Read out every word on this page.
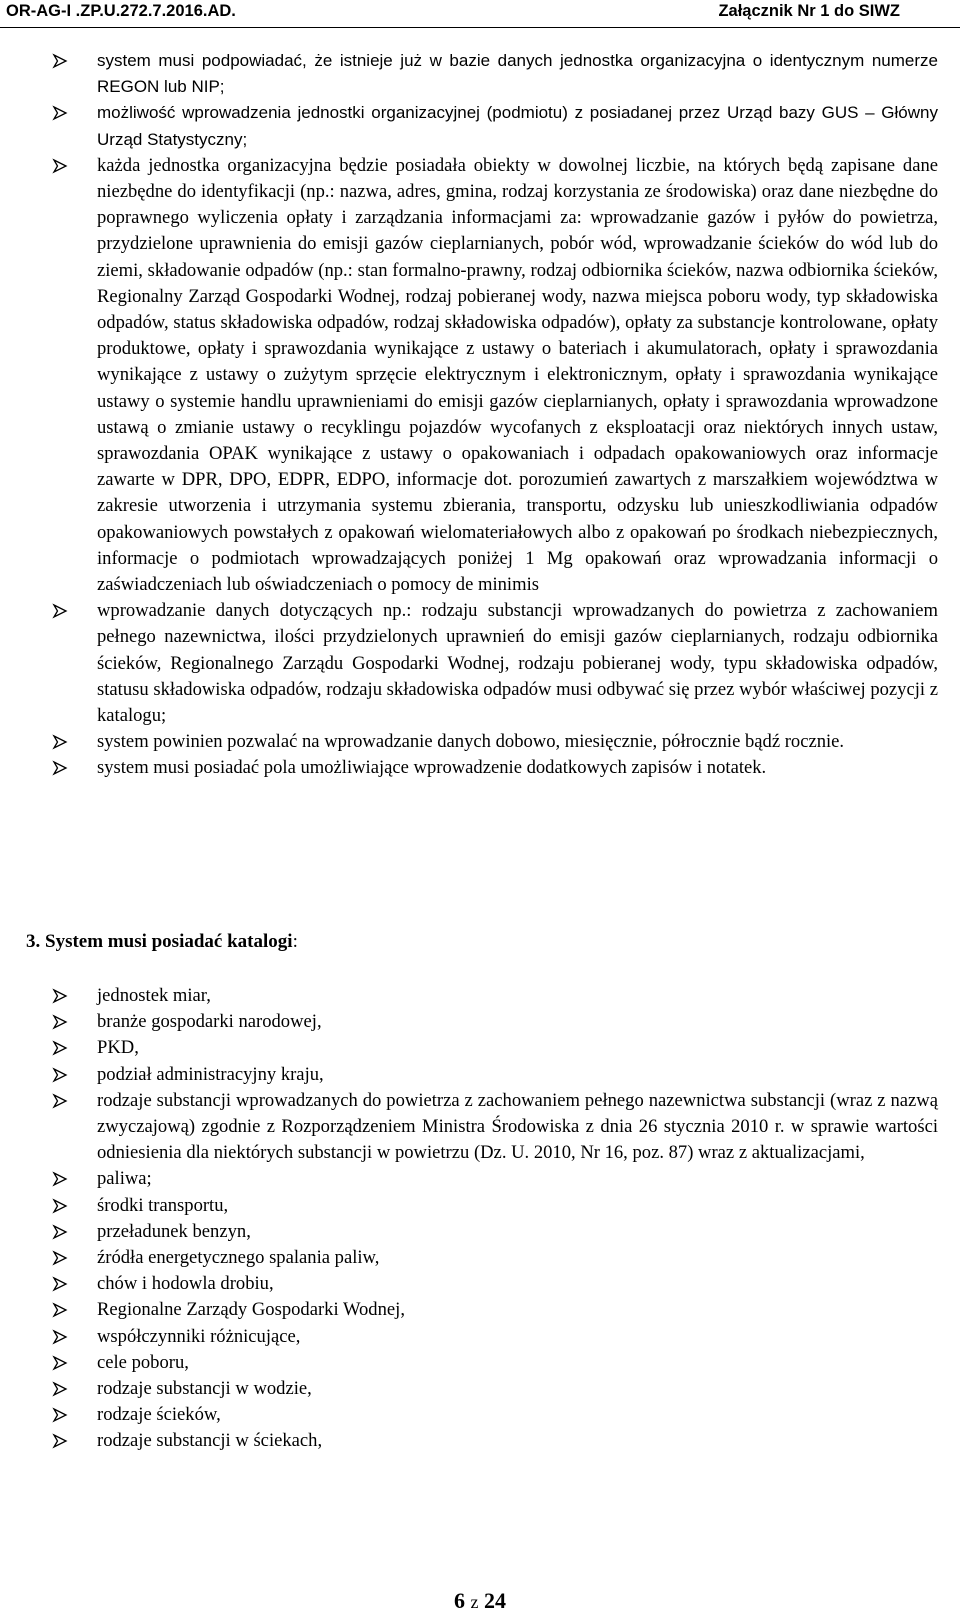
OR-AG-I .ZP.U.272.7.2016.AD.	Załącznik Nr 1 do SIWZ
system musi podpowiadać, że istnieje już w bazie danych jednostka organizacyjna o identycznym numerze REGON lub NIP;
możliwość wprowadzenia jednostki organizacyjnej (podmiotu) z posiadanej przez Urząd bazy GUS – Główny Urząd Statystyczny;
każda jednostka organizacyjna będzie posiadała obiekty w dowolnej liczbie, na których będą zapisane dane niezbędne do identyfikacji (np.: nazwa, adres, gmina, rodzaj korzystania ze środowiska) oraz dane niezbędne do poprawnego wyliczenia opłaty i zarządzania informacjami za: wprowadzanie gazów i pyłów do powietrza, przydzielone uprawnienia do emisji gazów cieplarnianych, pobór wód, wprowadzanie ścieków do wód lub do ziemi, składowanie odpadów (np.: stan formalno-prawny, rodzaj odbiornika ścieków, nazwa odbiornika ścieków, Regionalny Zarząd Gospodarki Wodnej, rodzaj pobieranej wody, nazwa miejsca poboru wody, typ składowiska odpadów, status składowiska odpadów, rodzaj składowiska odpadów), opłaty za substancje kontrolowane, opłaty produktowe, opłaty i sprawozdania wynikające z ustawy o bateriach i akumulatorach, opłaty i sprawozdania wynikające z ustawy o zużytym sprzęcie elektrycznym i elektronicznym, opłaty i sprawozdania wynikające ustawy o systemie handlu uprawnieniami do emisji gazów cieplarnianych, opłaty i sprawozdania wprowadzone ustawą o zmianie ustawy o recyklingu pojazdów wycofanych z eksploatacji oraz niektórych innych ustaw, sprawozdania OPAK wynikające z ustawy o opakowaniach i odpadach opakowaniowych oraz informacje zawarte w DPR, DPO, EDPR, EDPO, informacje dot. porozumień zawartych z marszałkiem województwa w zakresie utworzenia i utrzymania systemu zbierania, transportu, odzysku lub unieszkodliwiania odpadów opakowaniowych powstałych z opakowań wielomateriałowych albo z opakowań po środkach niebezpiecznych, informacje o podmiotach wprowadzających poniżej 1 Mg opakowań oraz wprowadzania informacji o zaświadczeniach lub oświadczeniach o pomocy de minimis
wprowadzanie danych dotyczących np.: rodzaju substancji wprowadzanych do powietrza z zachowaniem pełnego nazewnictwa, ilości przydzielonych uprawnień do emisji gazów cieplarnianych, rodzaju odbiornika ścieków, Regionalnego Zarządu Gospodarki Wodnej, rodzaju pobieranej wody, typu składowiska odpadów, statusu składowiska odpadów, rodzaju składowiska odpadów musi odbywać się przez wybór właściwej pozycji z katalogu;
system powinien pozwalać na wprowadzanie danych dobowo, miesięcznie, półrocznie bądź rocznie.
system musi posiadać pola umożliwiające wprowadzenie dodatkowych zapisów i notatek.
3. System musi posiadać katalogi:
jednostek miar,
branże gospodarki narodowej,
PKD,
podział administracyjny kraju,
rodzaje substancji wprowadzanych do powietrza z zachowaniem pełnego nazewnictwa substancji (wraz z nazwą zwyczajową) zgodnie z Rozporządzeniem Ministra Środowiska z dnia 26 stycznia 2010 r. w sprawie wartości odniesienia dla niektórych substancji w powietrzu (Dz. U. 2010, Nr 16, poz. 87) wraz z aktualizacjami,
paliwa;
środki transportu,
przeładunek benzyn,
źródła energetycznego spalania paliw,
chów i hodowla drobiu,
Regionalne Zarządy Gospodarki Wodnej,
współczynniki różnicujące,
cele poboru,
rodzaje substancji w wodzie,
rodzaje ścieków,
rodzaje substancji w ściekach,
6 z 24
